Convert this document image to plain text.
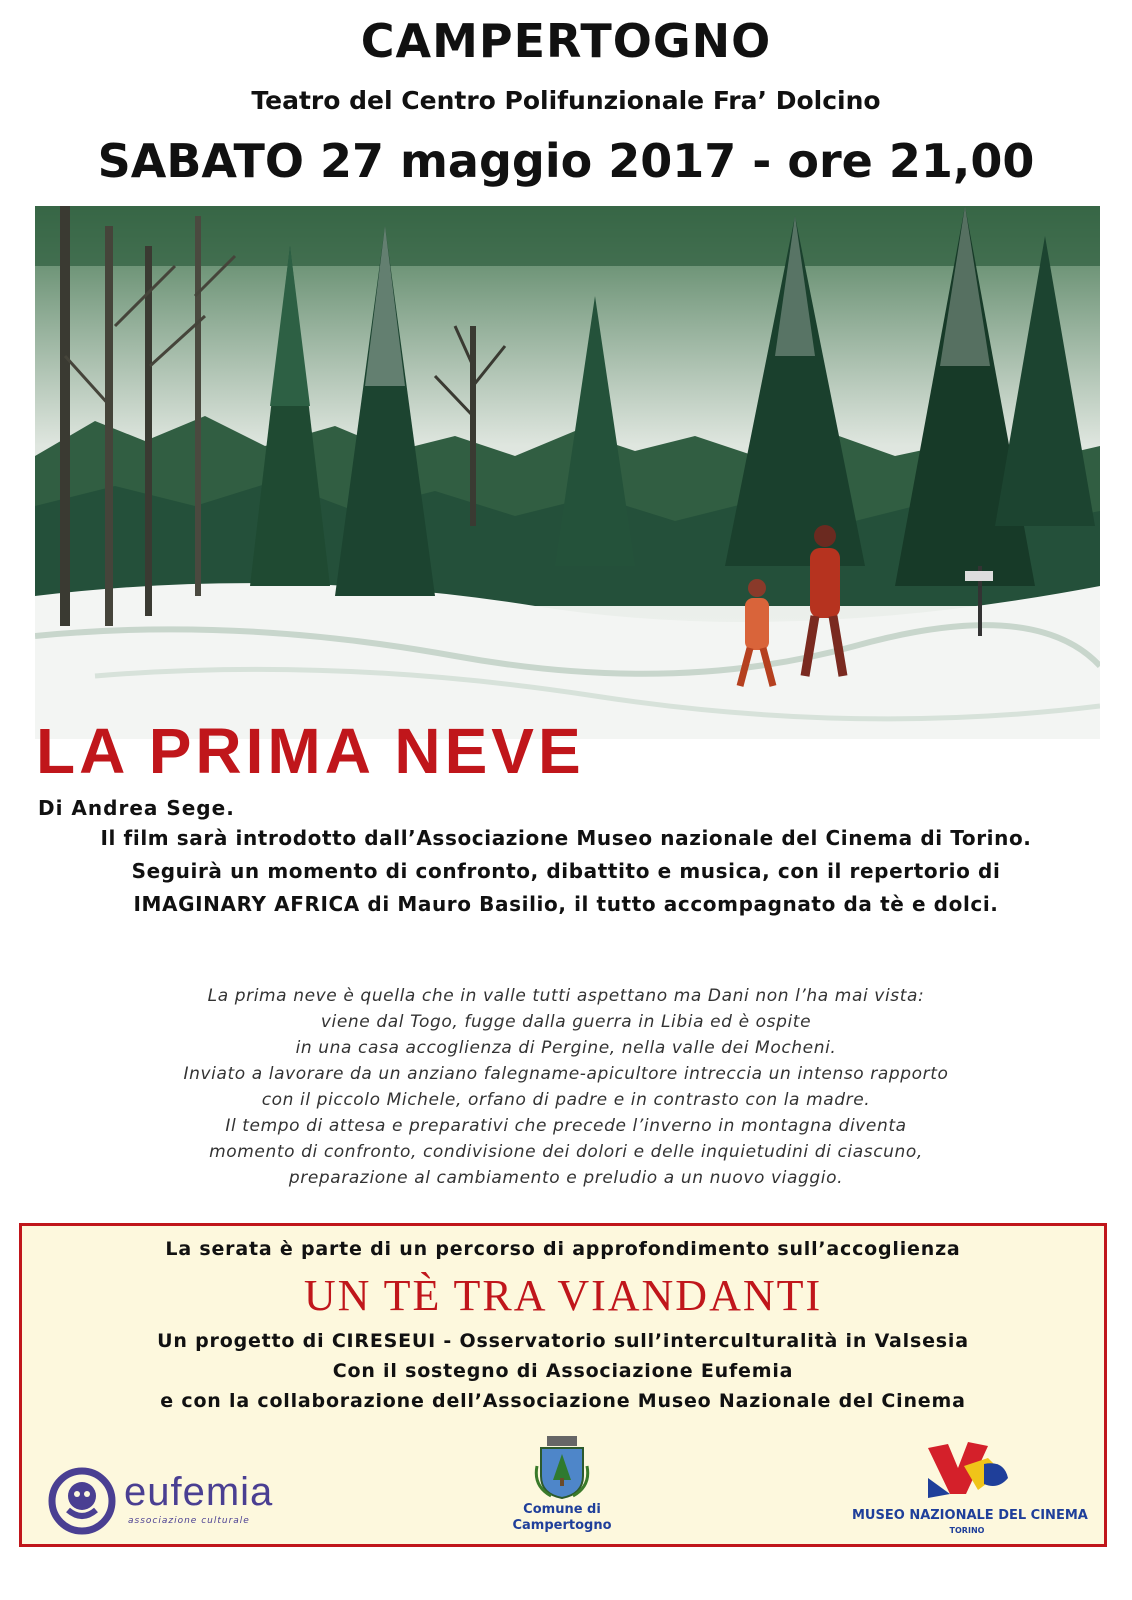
CAMPERTOGNO
Teatro del Centro Polifunzionale Fra’ Dolcino
SABATO 27 maggio 2017 - ore 21,00
LA PRIMA NEVE
Di Andrea Sege.
Il film sarà introdotto dall’Associazione Museo nazionale del Cinema di Torino.
Seguirà un momento di confronto, dibattito e musica, con il repertorio di
IMAGINARY AFRICA di Mauro Basilio, il tutto accompagnato da tè e dolci.
La prima neve è quella che in valle tutti aspettano ma Dani non l’ha mai vista:
viene dal Togo, fugge dalla guerra in Libia ed è ospite
in una casa accoglienza di Pergine, nella valle dei Mocheni.
Inviato a lavorare da un anziano falegname-apicultore intreccia un intenso rapporto
con il piccolo Michele, orfano di padre e in contrasto con la madre.
Il tempo di attesa e preparativi che precede l’inverno in montagna diventa
momento di confronto, condivisione dei dolori e delle inquietudini di ciascuno,
preparazione al cambiamento e preludio a un nuovo viaggio.
La serata è parte di un percorso di approfondimento sull’accoglienza
UN TÈ TRA VIANDANTI
Un progetto di CIRESEUI - Osservatorio sull’interculturalità in Valsesia
Con il sostegno di Associazione Eufemia
e con la collaborazione dell’Associazione Museo Nazionale del Cinema
eufemia
associazione culturale
Comune di
Campertogno
MUSEO NAZIONALE DEL CINEMA
TORINO
